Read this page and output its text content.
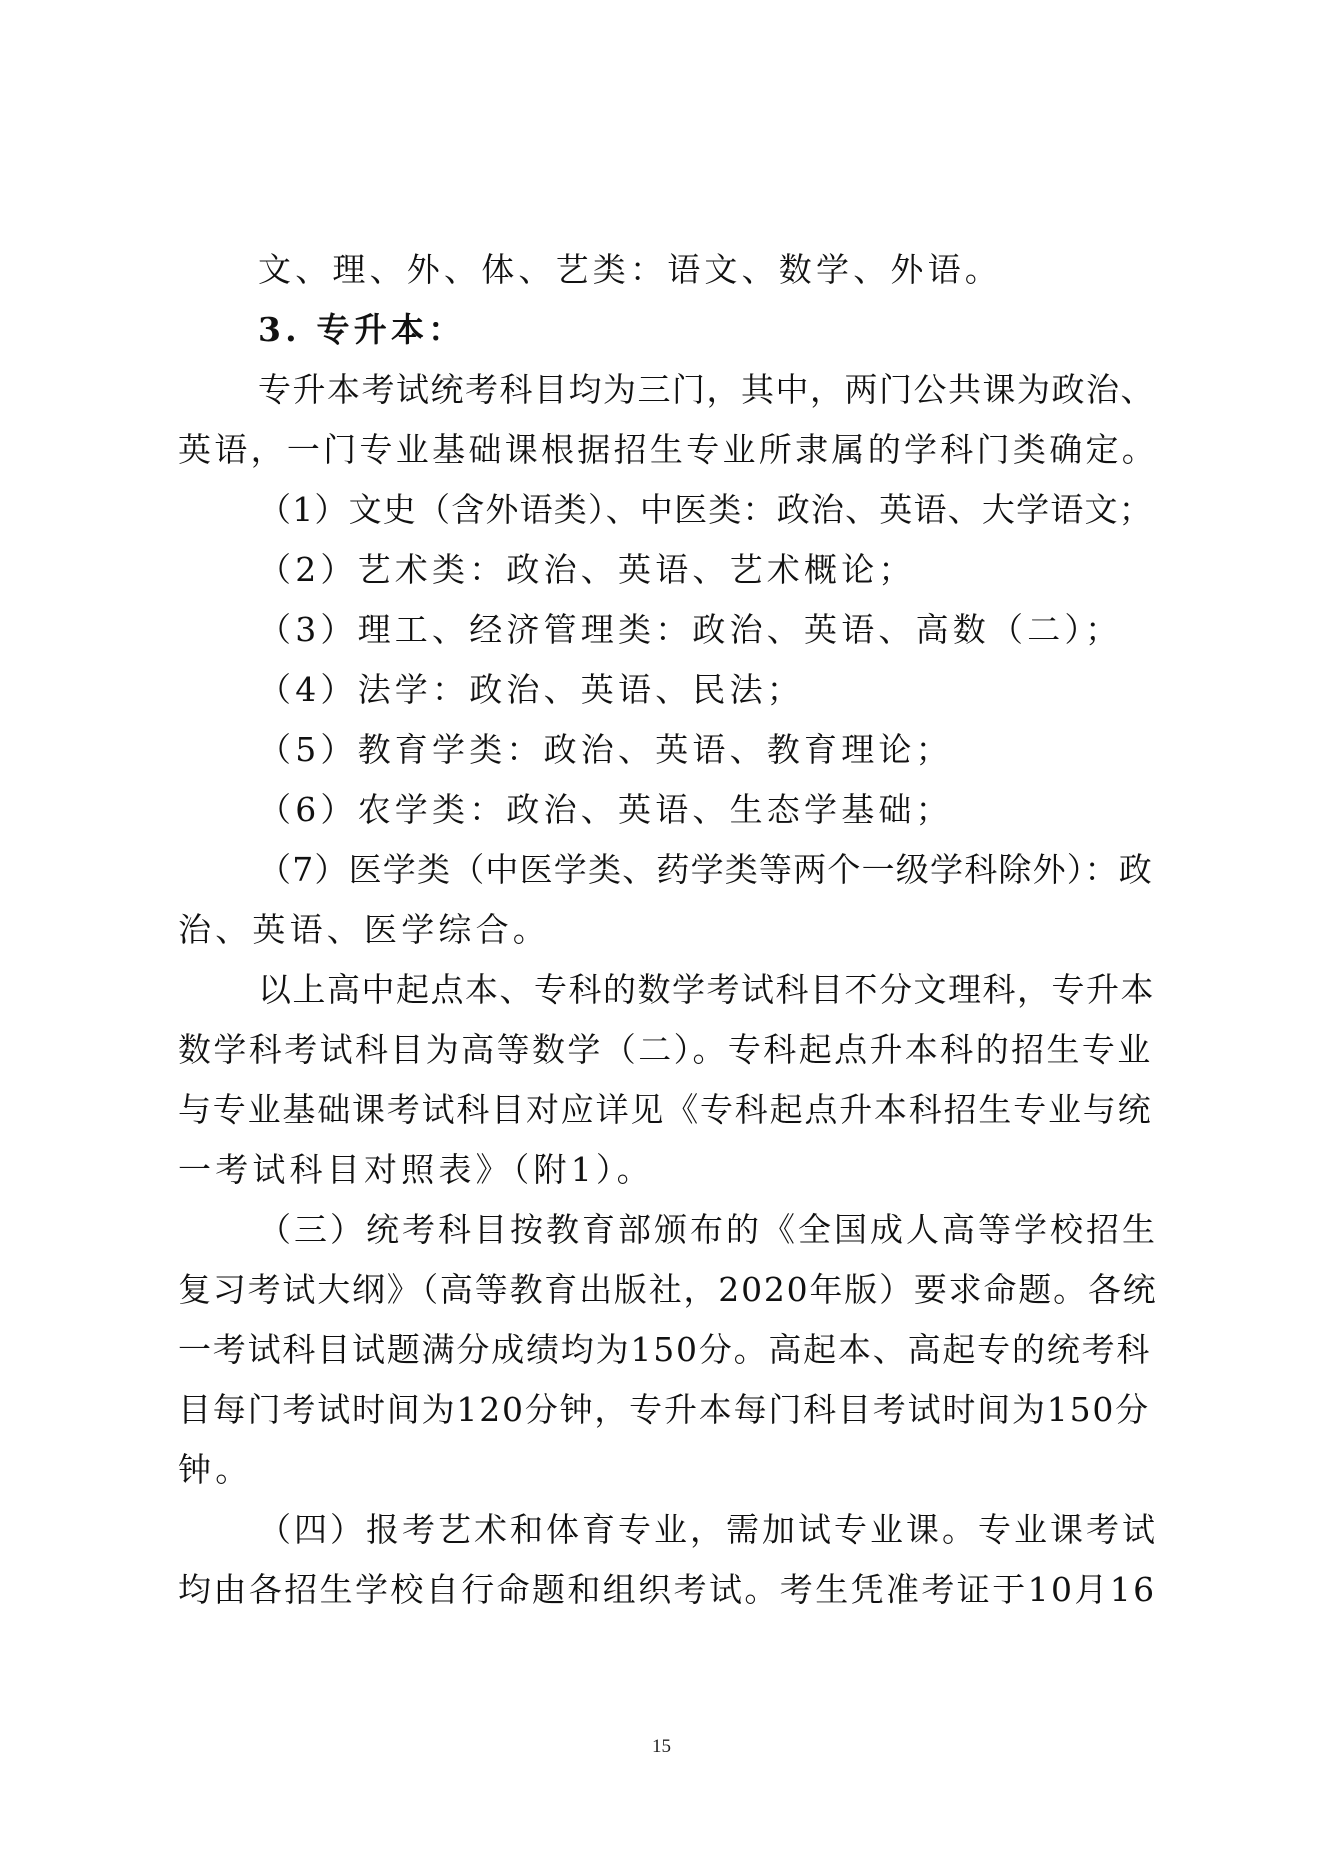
文、理、外、体、艺类：语文、数学、外语。
3. 专升本：
专升本考试统考科目均为三门，其中，两门公共课为政治、
英语，一门专业基础课根据招生专业所隶属的学科门类确定。
（1）文史（含外语类）、中医类：政治、英语、大学语文；
（2）艺术类：政治、英语、艺术概论；
（3）理工、经济管理类：政治、英语、高数（二）；
（4）法学：政治、英语、民法；
（5）教育学类：政治、英语、教育理论；
（6）农学类：政治、英语、生态学基础；
（7）医学类（中医学类、药学类等两个一级学科除外）：政
治、英语、医学综合。
以上高中起点本、专科的数学考试科目不分文理科，专升本
数学科考试科目为高等数学（二）。专科起点升本科的招生专业
与专业基础课考试科目对应详见《专科起点升本科招生专业与统
一考试科目对照表》（附1）。
（三）统考科目按教育部颁布的《全国成人高等学校招生
复习考试大纲》（高等教育出版社，2020年版）要求命题。各统
一考试科目试题满分成绩均为150分。高起本、高起专的统考科
目每门考试时间为120分钟，专升本每门科目考试时间为150分
钟。
（四）报考艺术和体育专业，需加试专业课。专业课考试
均由各招生学校自行命题和组织考试。考生凭准考证于10月16
15
